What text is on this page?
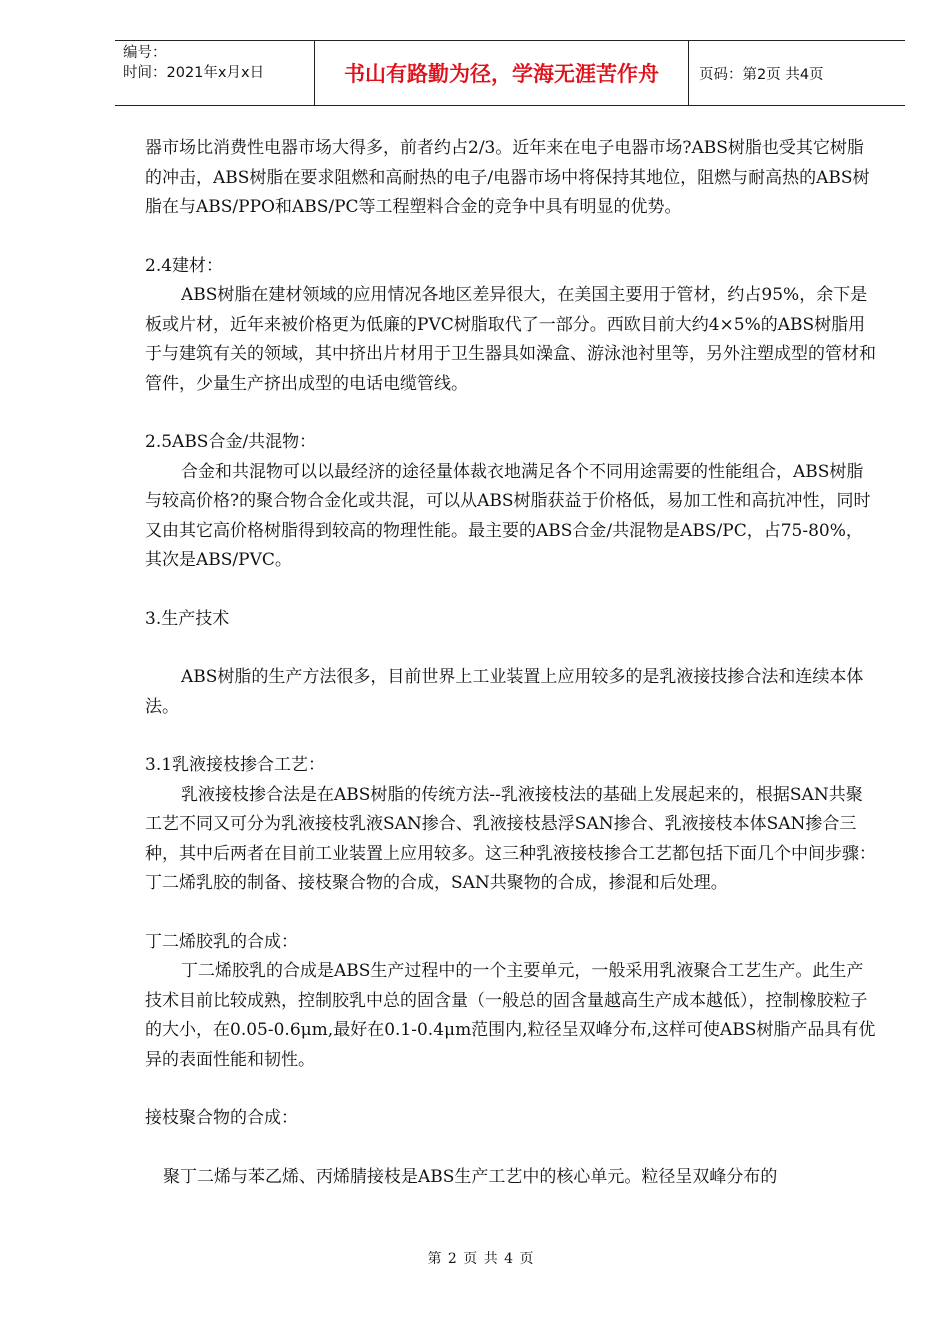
编号：
时间：2021年x月x日	书山有路勤为径，学海无涯苦作舟	页码：第2页 共4页

器市场比消费性电器市场大得多，前者约占2/3。近年来在电子电器市场?ABS树脂也受其它树脂的冲击，ABS树脂在要求阻燃和高耐热的电子/电器市场中将保持其地位，阻燃与耐高热的ABS树脂在与ABS/PPO和ABS/PC等工程塑料合金的竞争中具有明显的优势。

2.4建材：

ABS树脂在建材领域的应用情况各地区差异很大，在美国主要用于管材，约占95%，余下是板或片材，近年来被价格更为低廉的PVC树脂取代了一部分。西欧目前大约4×5%的ABS树脂用于与建筑有关的领域，其中挤出片材用于卫生器具如澡盒、游泳池衬里等，另外注塑成型的管材和管件，少量生产挤出成型的电话电缆管线。

2.5ABS合金/共混物：

合金和共混物可以以最经济的途径量体裁衣地满足各个不同用途需要的性能组合，ABS树脂与较高价格?的聚合物合金化或共混，可以从ABS树脂获益于价格低，易加工性和高抗冲性，同时又由其它高价格树脂得到较高的物理性能。最主要的ABS合金/共混物是ABS/PC，占75-80%，其次是ABS/PVC。

3.生产技术

ABS树脂的生产方法很多，目前世界上工业装置上应用较多的是乳液接技掺合法和连续本体法。

3.1乳液接枝掺合工艺：

乳液接枝掺合法是在ABS树脂的传统方法--乳液接枝法的基础上发展起来的，根据SAN共聚工艺不同又可分为乳液接枝乳液SAN掺合、乳液接枝悬浮SAN掺合、乳液接枝本体SAN掺合三种，其中后两者在目前工业装置上应用较多。这三种乳液接枝掺合工艺都包括下面几个中间步骤：丁二烯乳胶的制备、接枝聚合物的合成，SAN共聚物的合成，掺混和后处理。

丁二烯胶乳的合成：

丁二烯胶乳的合成是ABS生产过程中的一个主要单元，一般采用乳液聚合工艺生产。此生产技术目前比较成熟，控制胶乳中总的固含量（一般总的固含量越高生产成本越低），控制橡胶粒子的大小，在0.05-0.6μm,最好在0.1-0.4μm范围内,粒径呈双峰分布,这样可使ABS树脂产品具有优异的表面性能和韧性。

接枝聚合物的合成：

聚丁二烯与苯乙烯、丙烯腈接枝是ABS生产工艺中的核心单元。粒径呈双峰分布的

第 2 页 共 4 页
